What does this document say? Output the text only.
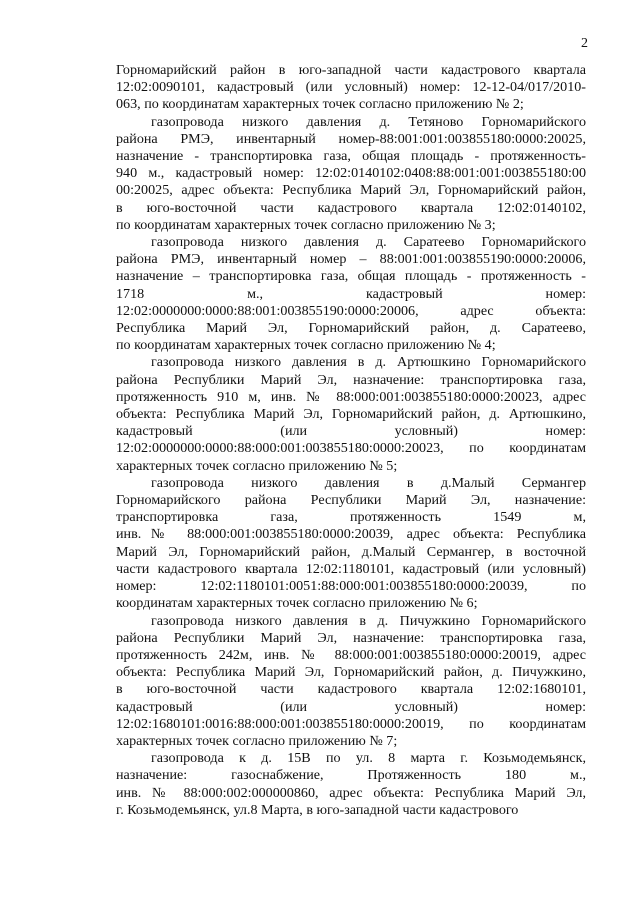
2
Горномарийский район в юго-западной части кадастрового квартала
12:02:0090101, кадастровый (или условный) номер: 12-12-04/017/2010-
063, по координатам характерных точек согласно приложению № 2;
газопровода низкого давления д. Тетяново Горномарийского
района РМЭ, инвентарный номер-88:001:001:003855180:0000:20025,
назначение - транспортировка газа, общая площадь - протяженность-
940 м., кадастровый номер: 12:02:0140102:0408:88:001:001:003855180:00
00:20025, адрес объекта: Республика Марий Эл, Горномарийский район,
в юго-восточной части кадастрового квартала 12:02:0140102,
по координатам характерных точек согласно приложению № 3;
газопровода низкого давления д. Саратеево Горномарийского
района РМЭ, инвентарный номер – 88:001:001:003855190:0000:20006,
назначение – транспортировка газа, общая площадь - протяженность -
1718 м., кадастровый номер:
12:02:0000000:0000:88:001:003855190:0000:20006, адрес объекта:
Республика Марий Эл, Горномарийский район, д. Саратеево,
по координатам характерных точек согласно приложению № 4;
газопровода низкого давления в д. Артюшкино Горномарийского
района Республики Марий Эл, назначение: транспортировка газа,
протяженность 910 м, инв. № 88:000:001:003855180:0000:20023, адрес
объекта: Республика Марий Эл, Горномарийский район, д. Артюшкино,
кадастровый (или условный) номер:
12:02:0000000:0000:88:000:001:003855180:0000:20023, по координатам
характерных точек согласно приложению № 5;
газопровода низкого давления в д.Малый Сермангер
Горномарийского района Республики Марий Эл, назначение:
транспортировка газа, протяженность 1549 м,
инв.№ 88:000:001:003855180:0000:20039, адрес объекта: Республика
Марий Эл, Горномарийский район, д.Малый Сермангер, в восточной
части кадастрового квартала 12:02:1180101, кадастровый (или условный)
номер: 12:02:1180101:0051:88:000:001:003855180:0000:20039, по
координатам характерных точек согласно приложению № 6;
газопровода низкого давления в д. Пичужкино Горномарийского
района Республики Марий Эл, назначение: транспортировка газа,
протяженность 242м, инв. № 88:000:001:003855180:0000:20019, адрес
объекта: Республика Марий Эл, Горномарийский район, д. Пичужкино,
в юго-восточной части кадастрового квартала 12:02:1680101,
кадастровый (или условный) номер:
12:02:1680101:0016:88:000:001:003855180:0000:20019, по координатам
характерных точек согласно приложению № 7;
газопровода к д. 15В по ул. 8 марта г. Козьмодемьянск,
назначение: газоснабжение, Протяженность 180 м.,
инв. № 88:000:002:000000860, адрес объекта: Республика Марий Эл,
г. Козьмодемьянск, ул.8 Марта, в юго-западной части кадастрового
